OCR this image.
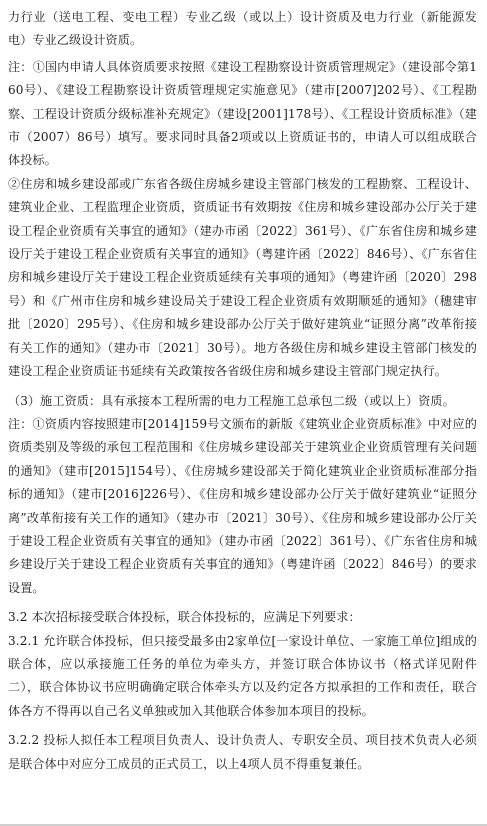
力行业（送电工程、变电工程）专业乙级（或以上）设计资质及电力行业（新能源发电）专业乙级设计资质。

注：①国内申请人具体资质要求按照《建设工程勘察设计资质管理规定》（建设部令第160号）、《建设工程勘察设计资质管理规定实施意见》（建市[2007]202号）、《工程勘察、工程设计资质分级标准补充规定》（建设[2001]178号）、《工程设计资质标准》（建市（2007）86号）填写。要求同时具备2项或以上资质证书的，申请人可以组成联合体投标。

②住房和城乡建设部或广东省各级住房城乡建设主管部门核发的工程勘察、工程设计、建筑业企业、工程监理企业资质，资质证书有效期按《住房和城乡建设部办公厅关于建设工程企业资质有关事宜的通知》（建办市函〔2022〕361号）、《广东省住房和城乡建设厅关于建设工程企业资质有关事宜的通知》（粤建许函〔2022〕846号）、《广东省住房和城乡建设厅关于建设工程企业资质延续有关事项的通知》（粤建许函〔2020〕298号）和《广州市住房和城乡建设局关于建设工程企业资质有效期顺延的通知》（穗建审批〔2020〕295号）、《住房和城乡建设部办公厅关于做好建筑业“证照分离”改革衔接有关工作的通知》（建办市〔2021〕30号）。地方各级住房和城乡建设主管部门核发的建设工程企业资质证书延续有关政策按各省级住房和城乡建设主管部门规定执行。

（3）施工资质：具有承接本工程所需的电力工程施工总承包二级（或以上）资质。

注：①资质内容按照建市[2014]159号文颁布的新版《建筑业企业资质标准》中对应的资质类别及等级的承包工程范围和《住房城乡建设部关于建筑业企业资质管理有关问题的通知》（建市[2015]154号）、《住房城乡建设部关于简化建筑业企业资质标准部分指标的通知》（建市[2016]226号）、《住房和城乡建设部办公厅关于做好建筑业“证照分离”改革衔接有关工作的通知》（建办市〔2021〕30号）、《住房和城乡建设部办公厅关于建设工程企业资质有关事宜的通知》（建办市函〔2022〕361号）、《广东省住房和城乡建设厅关于建设工程企业资质有关事宜的通知》（粤建许函〔2022〕846号）的要求设置。

3.2 本次招标接受联合体投标，联合体投标的，应满足下列要求：

3.2.1 允许联合体投标，但只接受最多由2家单位[一家设计单位、一家施工单位]组成的联合体，应以承接施工任务的单位为牵头方，并签订联合体协议书（格式详见附件二），联合体协议书应明确确定联合体牵头方以及约定各方拟承担的工作和责任，联合体各方不得再以自己名义单独或加入其他联合体参加本项目的投标。

3.2.2 投标人拟任本工程项目负责人、设计负责人、专职安全员、项目技术负责人必须是联合体中对应分工成员的正式员工，以上4项人员不得重复兼任。
